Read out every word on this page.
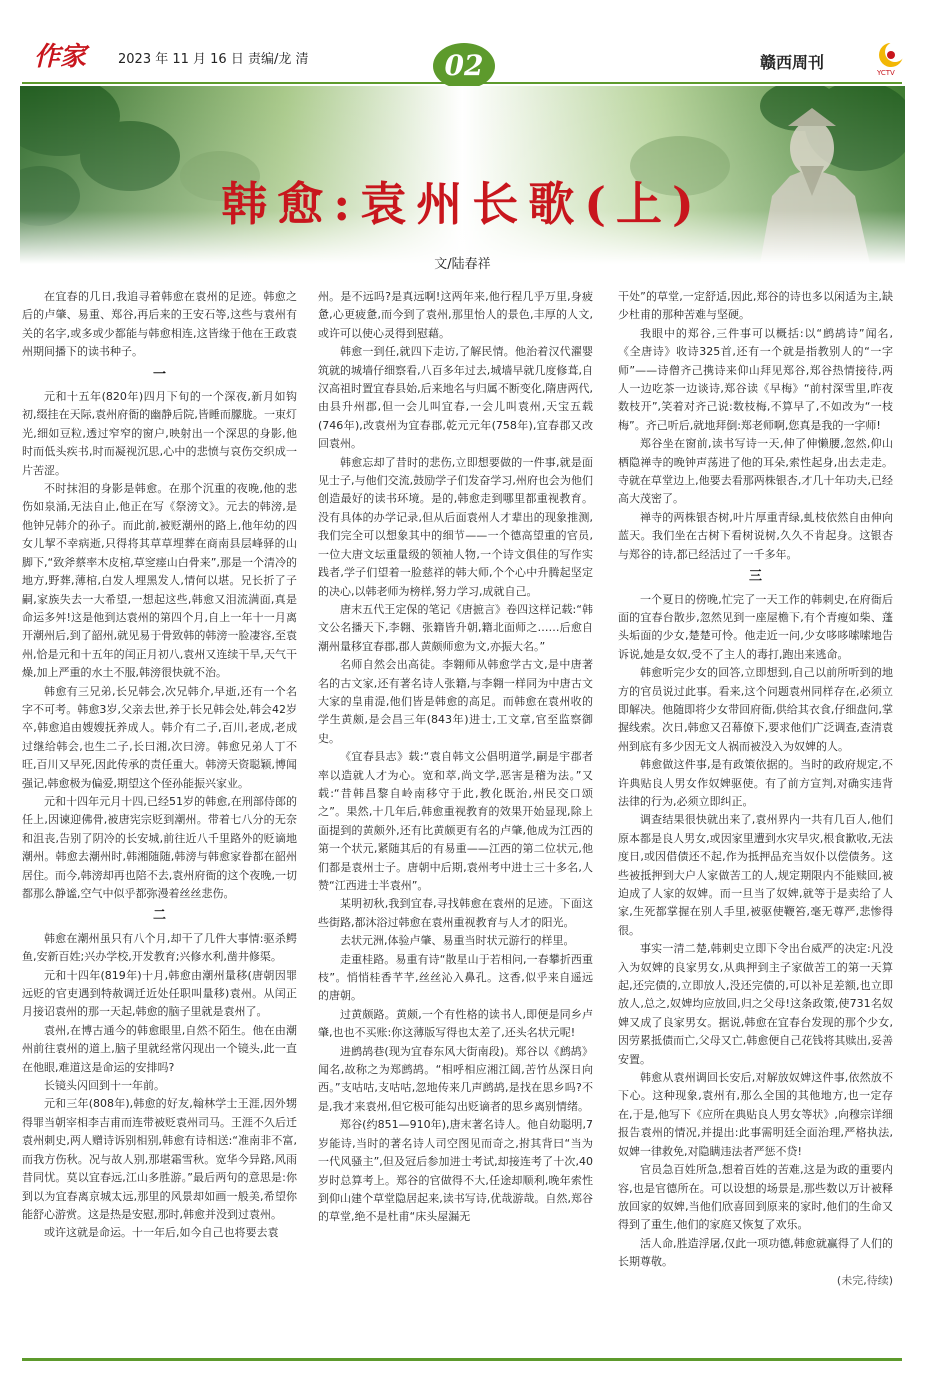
作家 2023 年 11 月 16 日 责编/龙 清	02	赣西周刊
YCTV
韩愈:袁州长歌(上)
文/陆春祥

在宜春的几日,我追寻着韩愈在袁州的足迹。韩愈之后的卢肇、易重、郑谷,再后来的王安石等,这些与袁州有关的名字,或多或少都能与韩愈相连,这皆缘于他在王政袁州期间播下的读书种子。

一

元和十五年(820年)四月下旬的一个深夜,新月如钩初,缀挂在天际,袁州府衙的幽静后院,皆睡而朦胧。一束灯光,细如豆粒,透过窄窄的窗户,映射出一个深思的身影,他时而低头疾书,时而凝视沉思,心中的悲愤与哀伤交织成一片苦涩。

不时抹泪的身影是韩愈。在那个沉重的夜晚,他的悲伤如泉涌,无法自止,他正在写《祭滂文》。元去的韩滂,是他钟兄韩介的孙子。而此前,被贬潮州的路上,他年幼的四女儿挈不幸病逝,只得将其草草埋葬在商南县层峰驿的山脚下,“致斧蔡率木皮棺,草窆瘗山白骨来”,那是一个清冷的地方,野葬,薄棺,白发人埋黑发人,情何以堪。兄长折了子嗣,家族失去一大希望,一想起这些,韩愈又泪流满面,真是命运多舛!这是他到达袁州的第四个月,自上一年十一月离开潮州后,到了韶州,就见易于骨致韩的韩滂一脸凄容,至袁州,恰是元和十五年的闰正月初八,袁州又连续干旱,天气干燥,加上严重的水土不服,韩滂很快就不治。

韩愈有三兄弟,长兄韩会,次兄韩介,早逝,还有一个名字不可考。韩愈3岁,父亲去世,养于长兄韩会处,韩会42岁卒,韩愈追由嫂嫂抚养成人。韩介有二子,百川,老成,老成过继给韩会,也生二子,长曰湘,次曰滂。韩愈兄弟人丁不旺,百川又早死,因此传承的责任重大。韩滂天资聪颖,博闻强记,韩愈极为偏爱,期望这个侄孙能振兴家业。

元和十四年元月十四,已经51岁的韩愈,在刑部侍郎的任上,因谏迎佛骨,被唐宪宗贬到潮州。带着七八分的无奈和沮丧,告别了阴冷的长安城,前往近八千里路外的贬谪地潮州。韩愈去潮州时,韩湘随随,韩滂与韩愈家眷都在韶州居住。而今,韩滂却再也陪不去,袁州府衙的这个夜晚,一切都那么静谧,空气中似乎都弥漫着丝丝悲伤。

二

韩愈在潮州虽只有八个月,却干了几件大事情:驱杀鳄鱼,安新百姓;兴办学校,开发教育;兴修水利,凿井修渠。

元和十四年(819年)十月,韩愈由潮州量移(唐朝因罪远贬的官吏遇到特赦调迁近处任职叫量移)袁州。从闰正月接诏袁州的那一天起,韩愈的脑子里就是袁州了。

袁州,在博古通今的韩愈眼里,自然不陌生。他在由潮州前往袁州的道上,脑子里就经常闪现出一个镜头,此一直在他眼,难道这是命运的安排吗?

长镜头闪回到十一年前。

元和三年(808年),韩愈的好友,翰林学士王涯,因外甥得罪当朝宰相李吉甫而连带被贬袁州司马。王涯不久后迁袁州刺史,两人赠诗诉别相别,韩愈有诗相送:“准南非不富,而我方伤秋。况与故人别,那堪霜雪秋。宽华今异路,风雨昔同忧。莫以宜春远,江山多胜游。”最后两句的意思是:你到以为宜春离京城太远,那里的风景却如画一般美,希望你能舒心游赏。这是热是安慰,那时,韩愈并没到过袁州。

或许这就是命运。十一年后,如今自己也将要去袁

州。是不远吗?是真远啊!这两年来,他行程几乎万里,身疲惫,心更疲惫,而今到了袁州,那里怡人的景色,丰厚的人文,或许可以使心灵得到慰藉。

韩愈一到任,就四下走访,了解民情。他治着汉代濯婴筑就的城墙仔细察看,八百多年过去,城墙早就几度修葺,自汉高祖时置宜春县始,后来地名与归属不断变化,隋唐两代,由县升州郡,但一会儿叫宜春,一会儿叫袁州,天宝五载(746年),改袁州为宜春郡,乾元元年(758年),宜春郡又改回袁州。

韩愈忘却了昔时的悲伤,立即想要做的一件事,就是面见士子,与他们交流,鼓励学子们发奋学习,州府也会为他们创造最好的读书环境。是的,韩愈走到哪里都重视教育。没有具体的办学记录,但从后面袁州人才辈出的现象推测,我们完全可以想象其中的细节——一个德高望重的官员,一位大唐文坛重量级的领袖人物,一个诗文俱佳的写作实践者,学子们望着一脸慈祥的韩大师,个个心中升腾起坚定的决心,以韩老师为榜样,努力学习,成就自己。

唐末五代王定保的笔记《唐摭言》卷四这样记载:“韩文公名播天下,李翱、张籍皆升朝,籍北面师之……后愈自潮州量移宜春郡,郡人黄颇师愈为文,亦振大名。”

名师自然会出高徒。李翱师从韩愈学古文,是中唐著名的古文家,还有著名诗人张籍,与李翱一样同为中唐古文大家的皇甫湜,他们皆是韩愈的高足。而韩愈在袁州收的学生黄颇,是会昌三年(843年)进士,工文章,官至监察御史。

《宜春县志》载:“袁自韩文公倡明道学,嗣是宇郡者率以造就人才为心。宽和萃,尚文学,恶害是稽为法。”又载:“昔韩昌黎自岭南移守于此,教化既治,州民交口颂之”。果然,十几年后,韩愈重视教育的效果开始显现,除上面提到的黄颇外,还有比黄颇更有名的卢肇,他成为江西的第一个状元,紧随其后的有易重——江西的第二位状元,他们都是袁州士子。唐朝中后期,袁州考中进士三十多名,人赞“江西进士半袁州”。

某明初秋,我到宜春,寻找韩愈在袁州的足迹。下面这些街路,都沐浴过韩愈在袁州重视教育与人才的阳光。

去状元洲,体验卢肇、易重当时状元游行的样里。

走重桂路。易重有诗“散星山于若相问,一春攀折西重枝”。悄悄桂香芊芊,丝丝沁入鼻孔。这香,似乎来自遥远的唐朝。

过黄颇路。黄颇,一个有性格的读书人,即便是同乡卢肇,也也不买账:你这薄版写得也太差了,还头名状元呢!

进鹧鸪巷(现为宜春东风大街南段)。郑谷以《鹧鸪》闻名,故称之为郑鹧鸪。“相呼相应湘江阔,苦竹丛深日向西。”支咕咕,支咕咕,忽地传来几声鹧鸪,是找在思乡吗?不是,我才来袁州,但它极可能勾出贬谪者的思乡离别情绪。

郑谷(约851—910年),唐末著名诗人。他自幼聪明,7岁能诗,当时的著名诗人司空图见而奇之,拊其背曰“当为一代风骚主”,但及冠后参加进士考试,却接连考了十次,40岁时总算考上。郑谷的官做得不大,任途却顺利,晚年索性到仰山建个草堂隐居起来,读书写诗,优哉游哉。自然,郑谷的草堂,绝不是杜甫“床头屋漏无

干处”的草堂,一定舒适,因此,郑谷的诗也多以闲适为主,缺少杜甫的那种苦难与坚硬。

我眼中的郑谷,三件事可以概括:以“鹧鸪诗”闻名,《全唐诗》收诗325首,还有一个就是指教别人的“一字师”——诗僧齐己携诗来仰山拜见郑谷,郑谷热情接待,两人一边吃茶一边谈诗,郑谷读《早梅》“前村深雪里,昨夜数枝开”,笑着对齐己说:数枝梅,不算早了,不如改为“一枝梅”。齐己听后,就地拜倒:郑老师啊,您真是我的一字师!

郑谷坐在窗前,读书写诗一天,伸了伸懒腰,忽然,仰山栖隐禅寺的晚钟声荡进了他的耳朵,索性起身,出去走走。寺就在草堂边上,他要去看那两株银杏,才几十年功夫,已经高大茂密了。

禅寺的两株银杏树,叶片厚重青绿,虬枝依然自由伸向蓝天。我们坐在古树下看树说树,久久不肯起身。这银杏与郑谷的诗,都已经活过了一千多年。

三

一个夏日的傍晚,忙完了一天工作的韩刺史,在府衙后面的宜春台散步,忽然见到一座屋檐下,有个青瘦如柴、蓬头垢面的少女,楚楚可怜。他走近一问,少女哆哆嗦嗦地告诉说,她是女奴,受不了主人的毒打,跑出来逃命。

韩愈听完少女的回答,立即想到,自己以前所听到的地方的官员说过此事。看来,这个问题袁州同样存在,必须立即解决。他随即将少女带回府衙,供给其衣食,仔细盘问,掌握线索。次日,韩愈又召幕僚下,要求他们广泛调查,查清袁州到底有多少因无文人祸而被没入为奴婢的人。

韩愈做这件事,是有政策依据的。当时的政府规定,不许典贴良人男女作奴婢驱使。有了前方宣判,对确实违背法律的行为,必须立即纠正。

调查结果很快就出来了,袁州界内一共有几百人,他们原本都是良人男女,或因家里遭到水灾旱灾,根食歉收,无法度日,或因借债还不起,作为抵押品充当奴仆以偿债务。这些被抵押到大户人家做苦工的人,规定期限内不能赎回,被迫成了人家的奴婢。而一旦当了奴婢,就等于是卖给了人家,生死都掌握在别人手里,被驱使鞭笞,毫无尊严,悲惨得很。

事实一清二楚,韩刺史立即下令出台威严的决定:凡没入为奴婢的良家男女,从典押到主子家做苦工的第一天算起,还完债的,立即放人,没还完债的,可以补足差额,也立即放人,总之,奴婢均应放回,归之父母!这条政策,使731名奴婢又成了良家男女。据说,韩愈在宜春台发现的那个少女,因劳累抵债而亡,父母又亡,韩愈便自己花钱将其赎出,妥善安置。

韩愈从袁州调回长安后,对解放奴婢这件事,依然放不下心。这种现象,袁州有,那么全国的其他地方,也一定存在,于是,他写下《应所在典贴良人男女等状》,向穆宗详细报告袁州的情况,并提出:此事需明廷全面治理,严格执法,奴婢一律救免,对隐瞒违法者严惩不贷!

官员急百姓所急,想着百姓的苦难,这是为政的重要内容,也是官德所在。可以设想的场景是,那些数以万计被释放回家的奴婢,当他们欣喜回到原来的家时,他们的生命又得到了重生,他们的家庭又恢复了欢乐。

活人命,胜造浮屠,仅此一项功德,韩愈就赢得了人们的长期尊敬。

(未完,待续)
